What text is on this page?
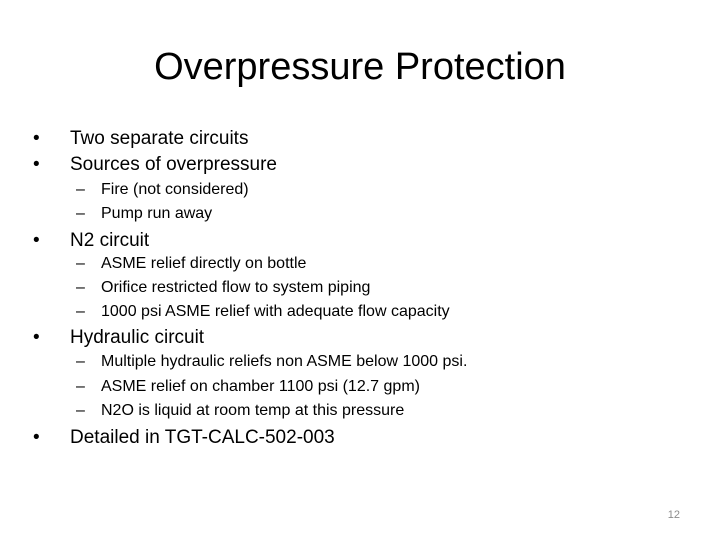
Overpressure Protection
•	Two separate circuits
•	Sources of overpressure
–	Fire (not considered)
–	Pump run away
•	N2 circuit
–	ASME relief directly on bottle
–	Orifice restricted flow to system piping
–	1000 psi ASME relief with adequate flow capacity
•	Hydraulic circuit
–	Multiple hydraulic reliefs non ASME below 1000 psi.
–	ASME relief on chamber 1100 psi (12.7 gpm)
–	N2O is liquid at room temp at this pressure
•	Detailed in TGT-CALC-502-003
12
